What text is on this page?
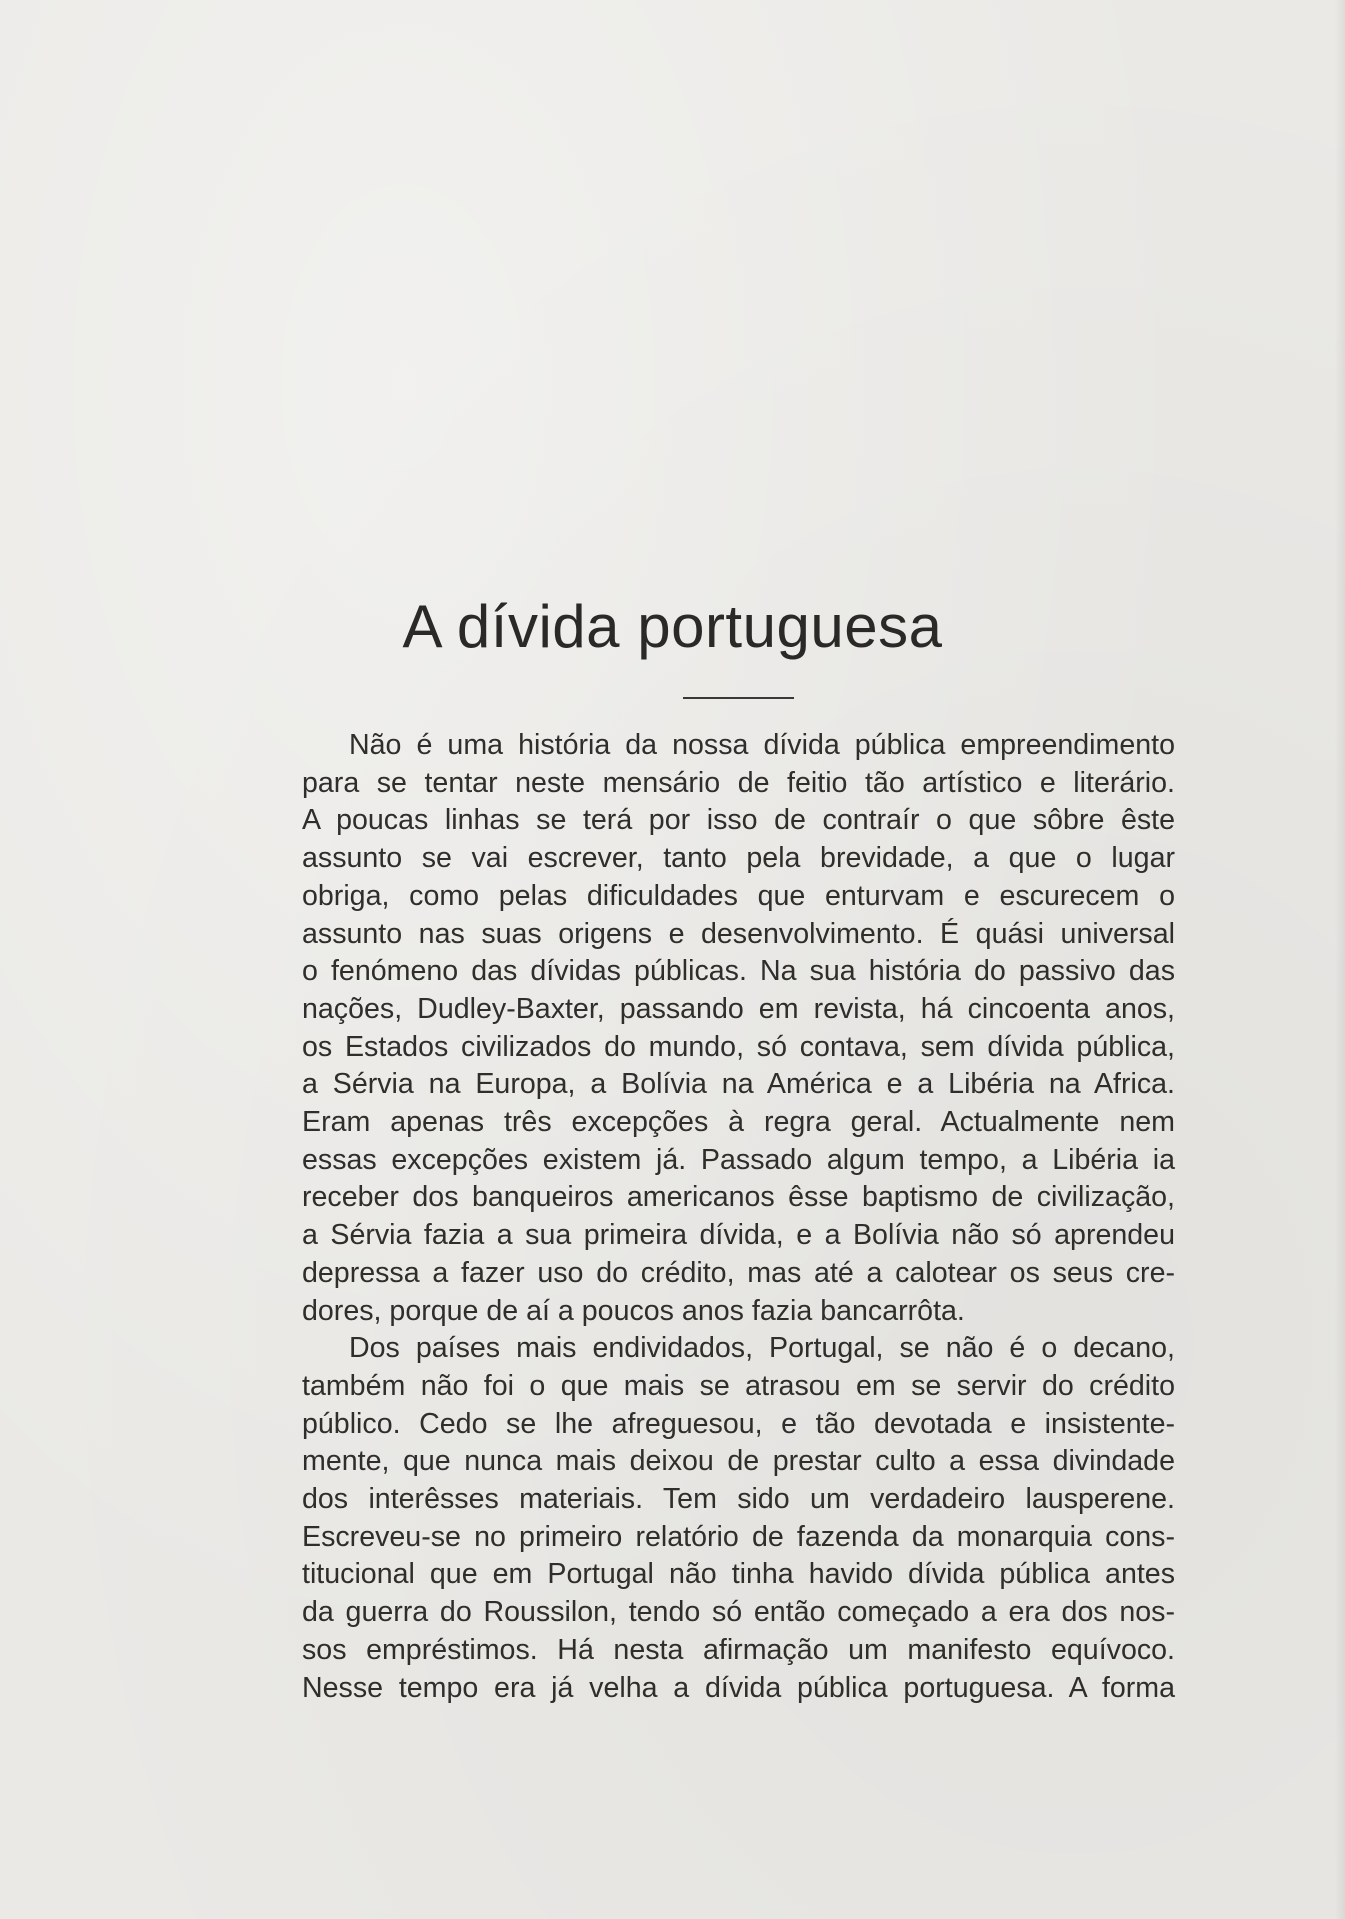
A dívida portuguesa

Não é uma história da nossa dívida pública empreendimento
para se tentar neste mensário de feitio tão artístico e literário.
A poucas linhas se terá por isso de contraír o que sôbre êste
assunto se vai escrever, tanto pela brevidade, a que o lugar
obriga, como pelas dificuldades que enturvam e escurecem o
assunto nas suas origens e desenvolvimento. É quási universal
o fenómeno das dívidas públicas. Na sua história do passivo das
nações, Dudley-Baxter, passando em revista, há cincoenta anos,
os Estados civilizados do mundo, só contava, sem dívida pública,
a Sérvia na Europa, a Bolívia na América e a Libéria na Africa.
Eram apenas três excepções à regra geral. Actualmente nem
essas excepções existem já. Passado algum tempo, a Libéria ia
receber dos banqueiros americanos êsse baptismo de civilização,
a Sérvia fazia a sua primeira dívida, e a Bolívia não só aprendeu
depressa a fazer uso do crédito, mas até a calotear os seus cre-
dores, porque de aí a poucos anos fazia bancarrôta.

Dos países mais endividados, Portugal, se não é o decano,
também não foi o que mais se atrasou em se servir do crédito
público. Cedo se lhe afreguesou, e tão devotada e insistente-
mente, que nunca mais deixou de prestar culto a essa divindade
dos interêsses materiais. Tem sido um verdadeiro lausperene.
Escreveu-se no primeiro relatório de fazenda da monarquia cons-
titucional que em Portugal não tinha havido dívida pública antes
da guerra do Roussilon, tendo só então começado a era dos nos-
sos empréstimos. Há nesta afirmação um manifesto equívoco.
Nesse tempo era já velha a dívida pública portuguesa. A forma
